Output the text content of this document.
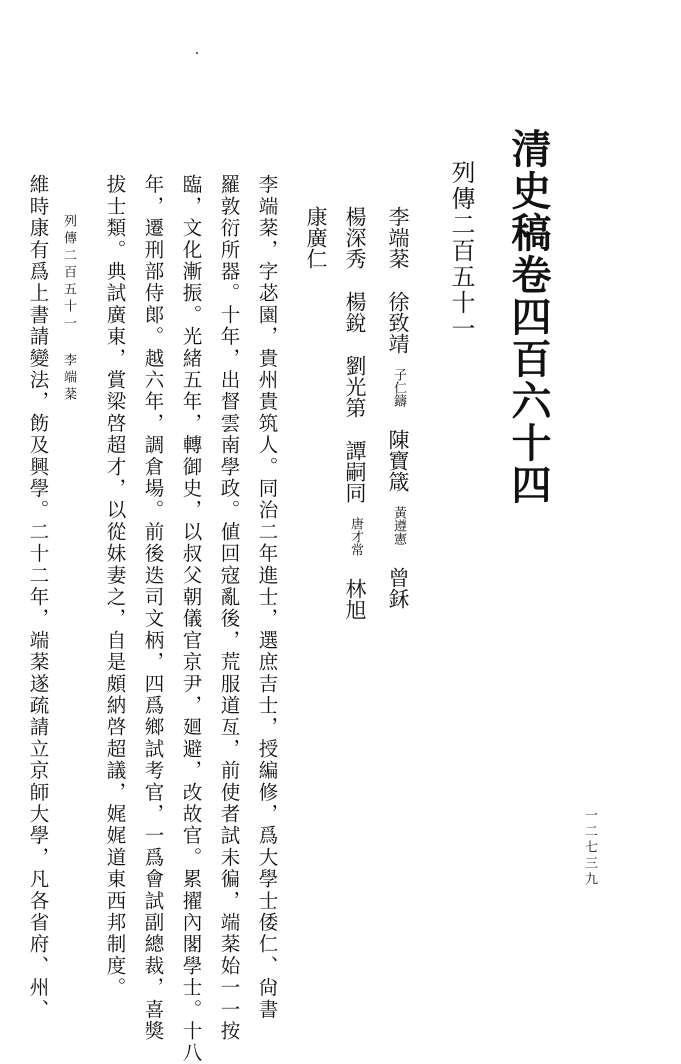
清史稿卷四百六十四
列傳二百五十一
李端棻徐致靖子仁鑄陳寶箴黃遵憲曾鉌
楊深秀楊銳劉光第譚嗣同唐才常林旭
康廣仁
李端棻，字苾園，貴州貴筑人。同治二年進士，選庶吉士，授編修，爲大學士倭仁、尙書
羅敦衍所器。十年，出督雲南學政。値回寇亂後，荒服道亙，前使者試未徧，端棻始一一按
臨，文化漸振。光緒五年，轉御史，以叔父朝儀官京尹，廻避，改故官。累擢內閣學士。十八
年，遷刑部侍郞。越六年，調倉場。前後迭司文柄，四爲鄉試考官，一爲會試副總裁，喜獎
拔士類。典試廣東，賞梁啓超才，以從妹妻之，自是頗納啓超議，娓娓道東西邦制度。
維時康有爲上書請變法，飭及興學。二十二年，端棻遂疏請立京師大學，凡各省府、州、 列傳二百五十一李端棻
一二七三九
